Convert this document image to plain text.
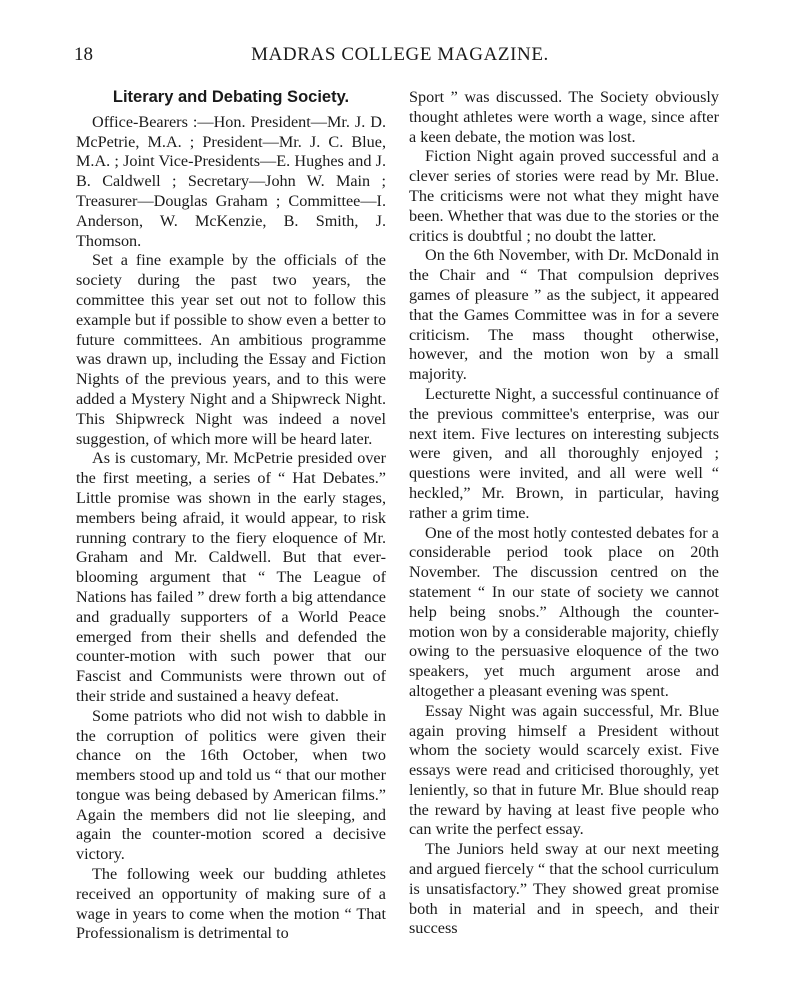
18	MADRAS COLLEGE MAGAZINE.
Literary and Debating Society.

Office-Bearers :—Hon. President—Mr. J. D. McPetrie, M.A. ; President—Mr. J. C. Blue, M.A. ; Joint Vice-Presidents—E. Hughes and J. B. Caldwell ; Secretary—John W. Main ; Treasurer—Douglas Graham ; Committee—I. Anderson, W. McKenzie, B. Smith, J. Thomson.

Set a fine example by the officials of the society during the past two years, the committee this year set out not to follow this example but if possible to show even a better to future committees. An ambitious programme was drawn up, including the Essay and Fiction Nights of the previous years, and to this were added a Mystery Night and a Shipwreck Night. This Shipwreck Night was indeed a novel suggestion, of which more will be heard later.

As is customary, Mr. McPetrie presided over the first meeting, a series of “ Hat Debates.” Little promise was shown in the early stages, members being afraid, it would appear, to risk running contrary to the fiery eloquence of Mr. Graham and Mr. Caldwell. But that ever-blooming argument that “ The League of Nations has failed ” drew forth a big attendance and gradually supporters of a World Peace emerged from their shells and defended the counter-motion with such power that our Fascist and Communists were thrown out of their stride and sustained a heavy defeat.

Some patriots who did not wish to dabble in the corruption of politics were given their chance on the 16th October, when two members stood up and told us “ that our mother tongue was being debased by American films.” Again the members did not lie sleeping, and again the counter-motion scored a decisive victory.

The following week our budding athletes received an opportunity of making sure of a wage in years to come when the motion “ That Professionalism is detrimental to

Sport ” was discussed. The Society obviously thought athletes were worth a wage, since after a keen debate, the motion was lost.

Fiction Night again proved successful and a clever series of stories were read by Mr. Blue. The criticisms were not what they might have been. Whether that was due to the stories or the critics is doubtful ; no doubt the latter.

On the 6th November, with Dr. McDonald in the Chair and “ That compulsion deprives games of pleasure ” as the subject, it appeared that the Games Committee was in for a severe criticism. The mass thought otherwise, however, and the motion won by a small majority.

Lecturette Night, a successful continuance of the previous committee's enterprise, was our next item. Five lectures on interesting subjects were given, and all thoroughly enjoyed ; questions were invited, and all were well “ heckled,” Mr. Brown, in particular, having rather a grim time.

One of the most hotly contested debates for a considerable period took place on 20th November. The discussion centred on the statement “ In our state of society we cannot help being snobs.” Although the counter-motion won by a considerable majority, chiefly owing to the persuasive eloquence of the two speakers, yet much argument arose and altogether a pleasant evening was spent.

Essay Night was again successful, Mr. Blue again proving himself a President without whom the society would scarcely exist. Five essays were read and criticised thoroughly, yet leniently, so that in future Mr. Blue should reap the reward by having at least five people who can write the perfect essay.

The Juniors held sway at our next meeting and argued fiercely “ that the school curriculum is unsatisfactory.” They showed great promise both in material and in speech, and their success
